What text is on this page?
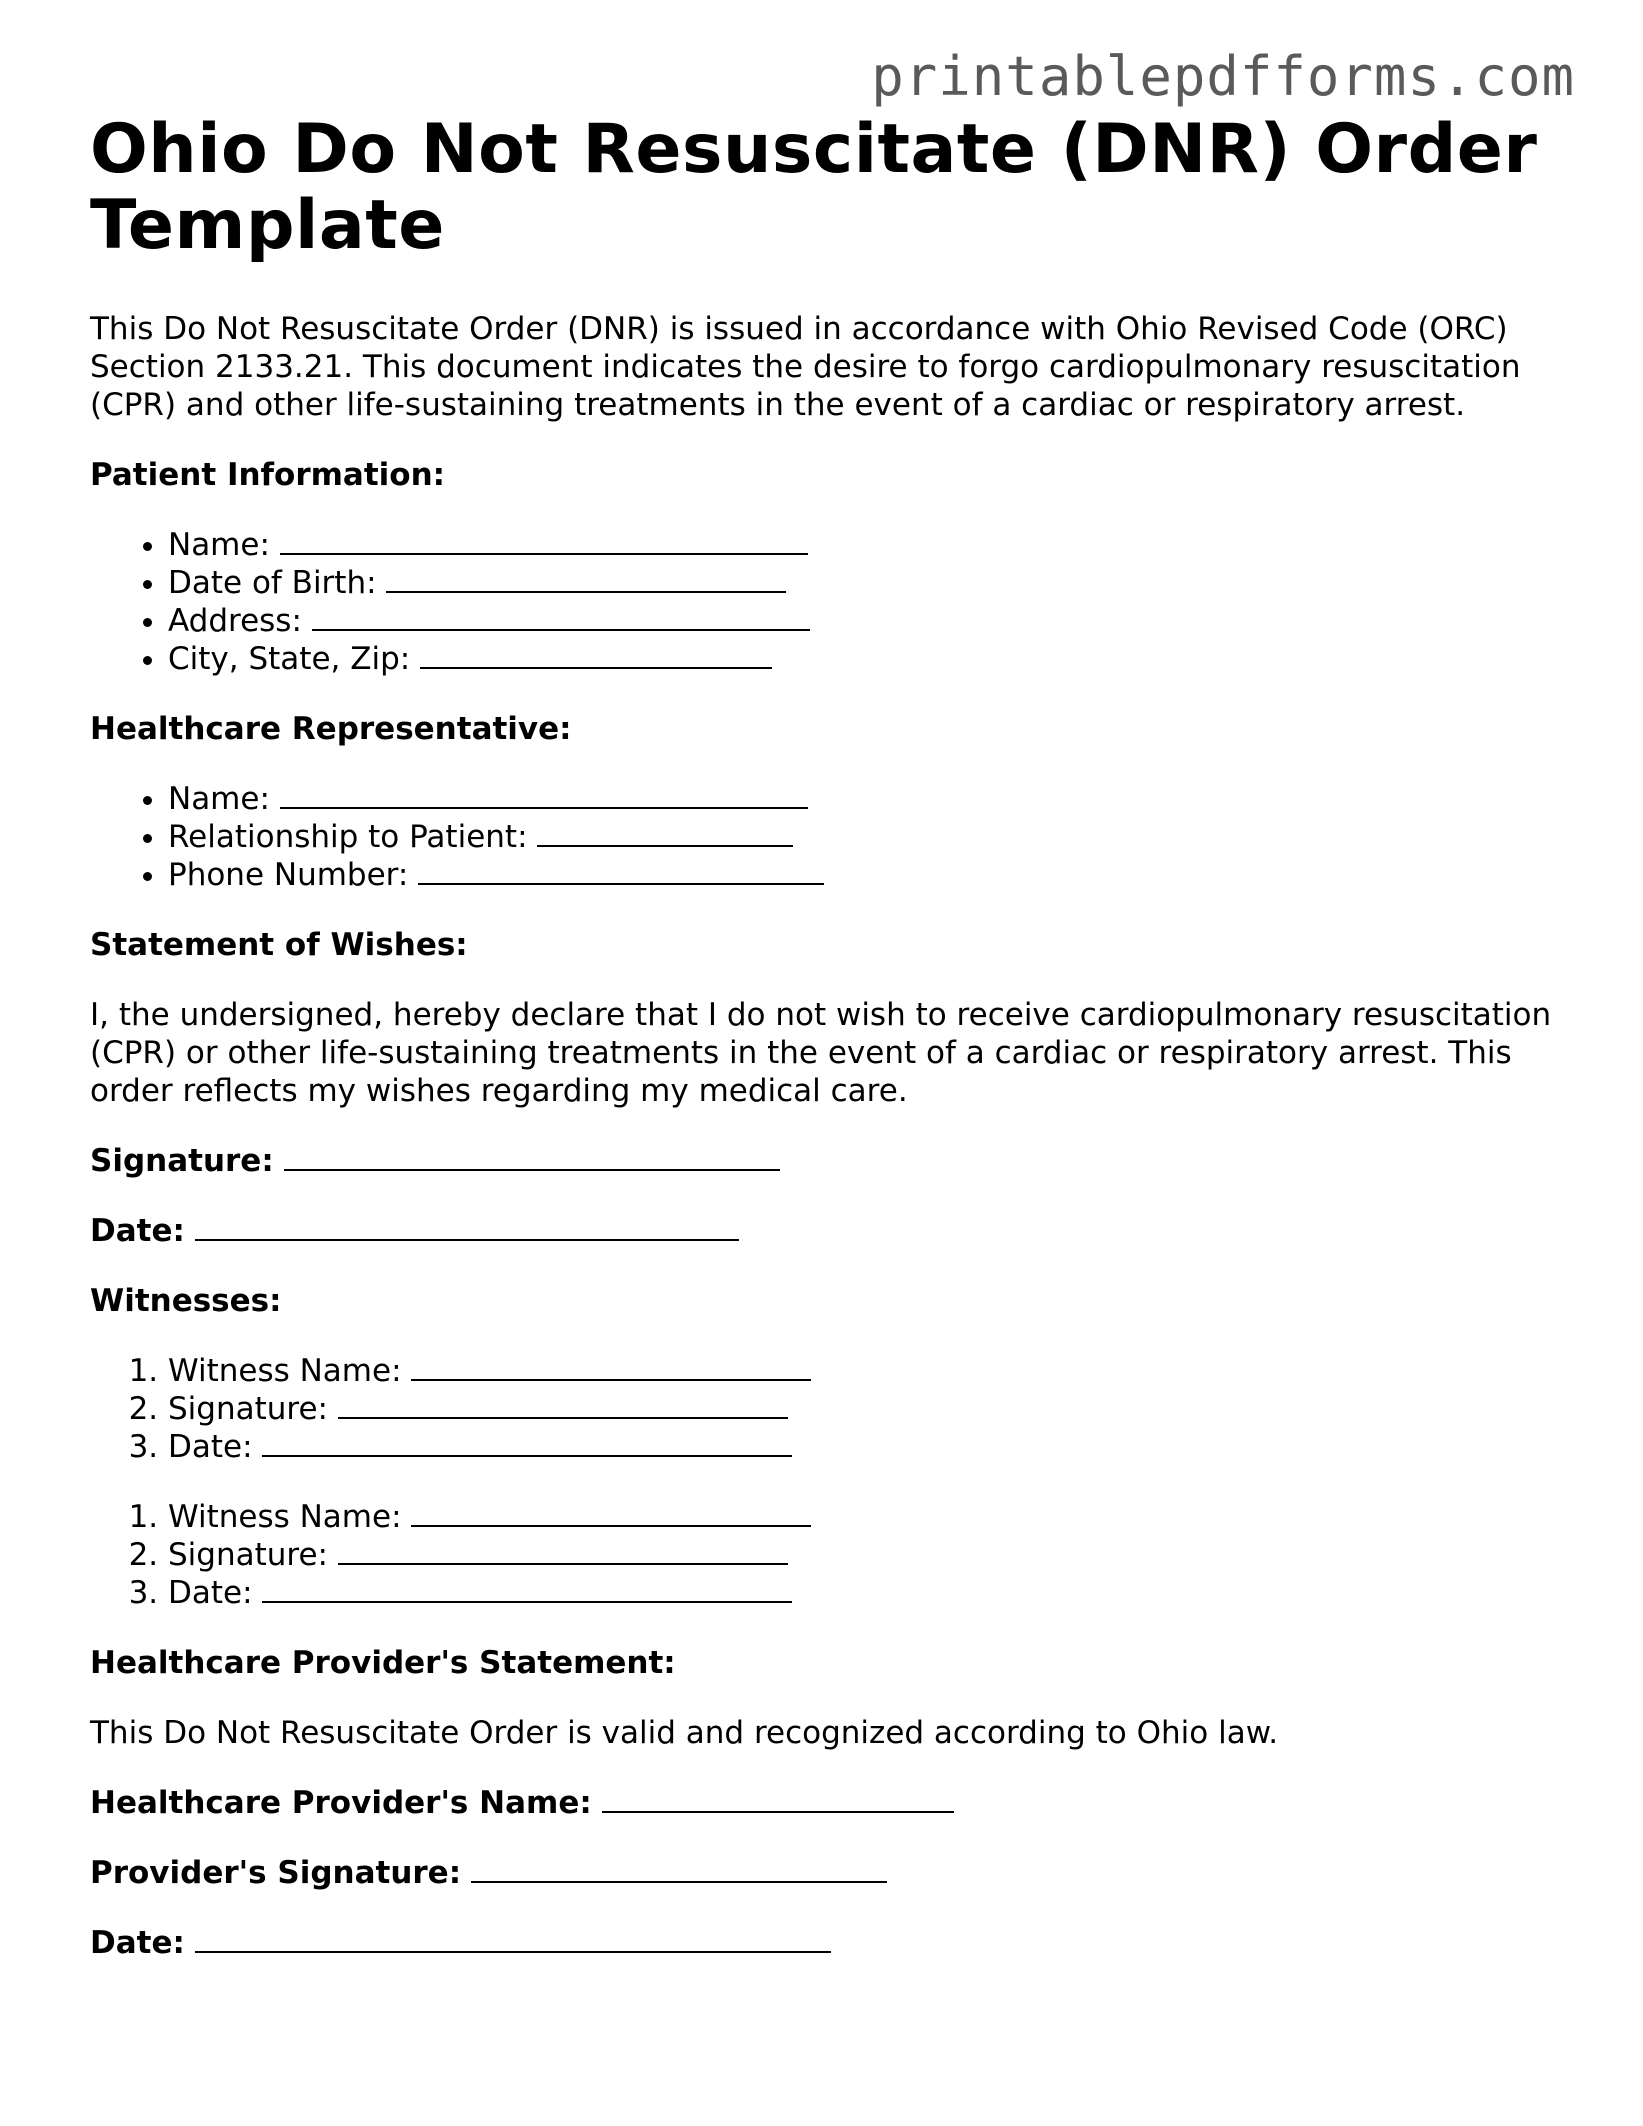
printablepdfforms.com
Ohio Do Not Resuscitate (DNR) Order Template

This Do Not Resuscitate Order (DNR) is issued in accordance with Ohio Revised Code (ORC) Section 2133.21. This document indicates the desire to forgo cardiopulmonary resuscitation (CPR) and other life-sustaining treatments in the event of a cardiac or respiratory arrest.

Patient Information:
• Name:
• Date of Birth:
• Address:
• City, State, Zip:
Healthcare Representative:
• Name:
• Relationship to Patient:
• Phone Number:
Statement of Wishes:

I, the undersigned, hereby declare that I do not wish to receive cardiopulmonary resuscitation (CPR) or other life-sustaining treatments in the event of a cardiac or respiratory arrest. This order reflects my wishes regarding my medical care.

Signature:
Date:
Witnesses:
1. Witness Name:
2. Signature:
3. Date:
1. Witness Name:
2. Signature:
3. Date:
Healthcare Provider's Statement:

This Do Not Resuscitate Order is valid and recognized according to Ohio law.

Healthcare Provider's Name:
Provider's Signature:
Date:
